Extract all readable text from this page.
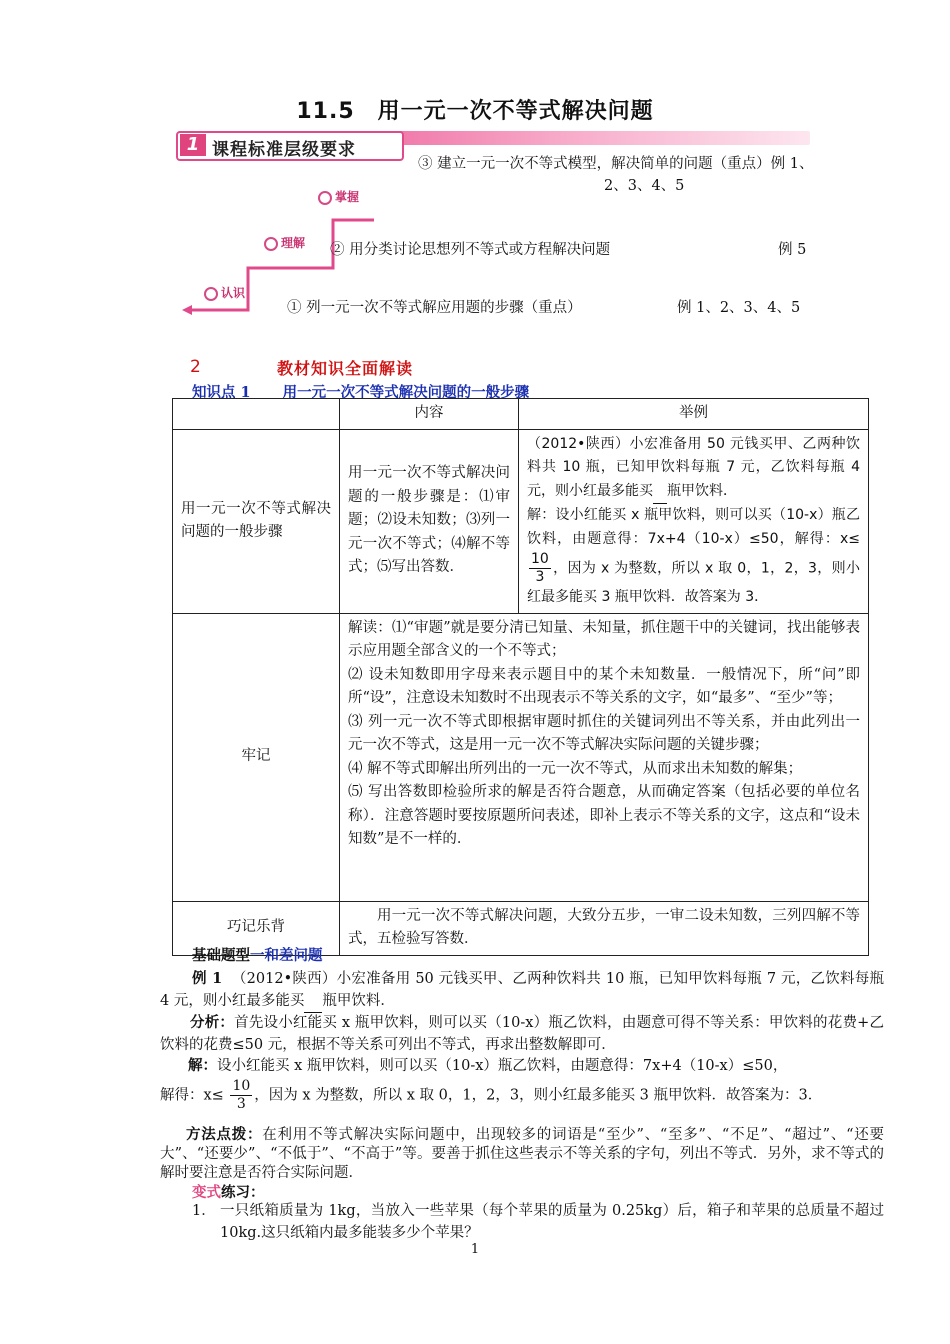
11.5　用一元一次不等式解决问题
1 课程标准层级要求
掌握
理解
认识
③ 建立一元一次不等式模型，解决简单的问题（重点）例 1、
2、3、4、5
② 用分类讨论思想列不等式或方程解决问题	例 5
① 列一元一次不等式解应用题的步骤（重点）	例 1、2、3、4、5
2	教材知识全面解读
知识点 1 用一元一次不等式解决问题的一般步骤
	内容	举例
用一元一次不等式解决问题的一般步骤	用一元一次不等式解决问题的一般步骤是：⑴审题；⑵设未知数；⑶列一元一次不等式；⑷解不等式；⑸写出答数．	（2012•陕西）小宏准备用 50 元钱买甲、乙两种饮料共 10 瓶，已知甲饮料每瓶 7 元，乙饮料每瓶 4 元，则小红最多能买 瓶甲饮料．
解：设小红能买 x 瓶甲饮料，则可以买（10-x）瓶乙饮料，由题意得：7x+4（10-x）≤50，解得：x≤
$\frac{10}{3}$ ，因为 x 为整数，所以 x 取 0，1，2，3，则小红最多能买 3 瓶甲饮料．故答案为 3．
牢记	解读：⑴“审题”就是要分清已知量、未知量，抓住题干中的关键词，找出能够表示应用题全部含义的一个不等式；
⑵ 设未知数即用字母来表示题目中的某个未知数量．一般情况下，所“问”即所“设”，注意设未知数时不出现表示不等关系的文字，如“最多”、“至少”等；
⑶ 列一元一次不等式即根据审题时抓住的关键词列出不等关系，并由此列出一元一次不等式，这是用一元一次不等式解决实际问题的关键步骤；
⑷ 解不等式即解出所列出的一元一次不等式，从而求出未知数的解集；
⑸ 写出答数即检验所求的解是否符合题意，从而确定答案（包括必要的单位名称）．注意答题时要按原题所问表述，即补上表示不等关系的文字，这点和“设未知数”是不一样的．	

巧记乐背	用一元一次不等式解决问题，大致分五步，一审二设未知数，三列四解不等式，五检验写答数．	
基础题型一和差问题
例 1 （2012•陕西）小宏准备用 50 元钱买甲、乙两种饮料共 10 瓶，已知甲饮料每瓶 7 元，乙饮料每瓶 4 元，则小红最多能买 瓶甲饮料．
分析：首先设小红能买 x 瓶甲饮料，则可以买（10-x）瓶乙饮料，由题意可得不等关系：甲饮料的花费+乙饮料的花费≤50 元，根据不等关系可列出不等式，再求出整数解即可．
解：设小红能买 x 瓶甲饮料，则可以买（10-x）瓶乙饮料，由题意得：7x+4（10-x）≤50，
解得：$x\le \frac{10}{3}$ ，因为 x 为整数，所以 x 取 0，1，2，3，则小红最多能买 3 瓶甲饮料．故答案为：3．
方法点拨：在利用不等式解决实际问题中，出现较多的词语是“至少”、“至多”、“不足”、“超过”、“还要大”、“还要少”、“不低于”、“不高于”等。要善于抓住这些表示不等关系的字句，列出不等式．另外，求不等式的解时要注意是否符合实际问题．
变式练习：
1． 一只纸箱质量为 1kg，当放入一些苹果（每个苹果的质量为 0.25kg）后，箱子和苹果的总质量不超过 10kg.这只纸箱内最多能装多少个苹果？
1
